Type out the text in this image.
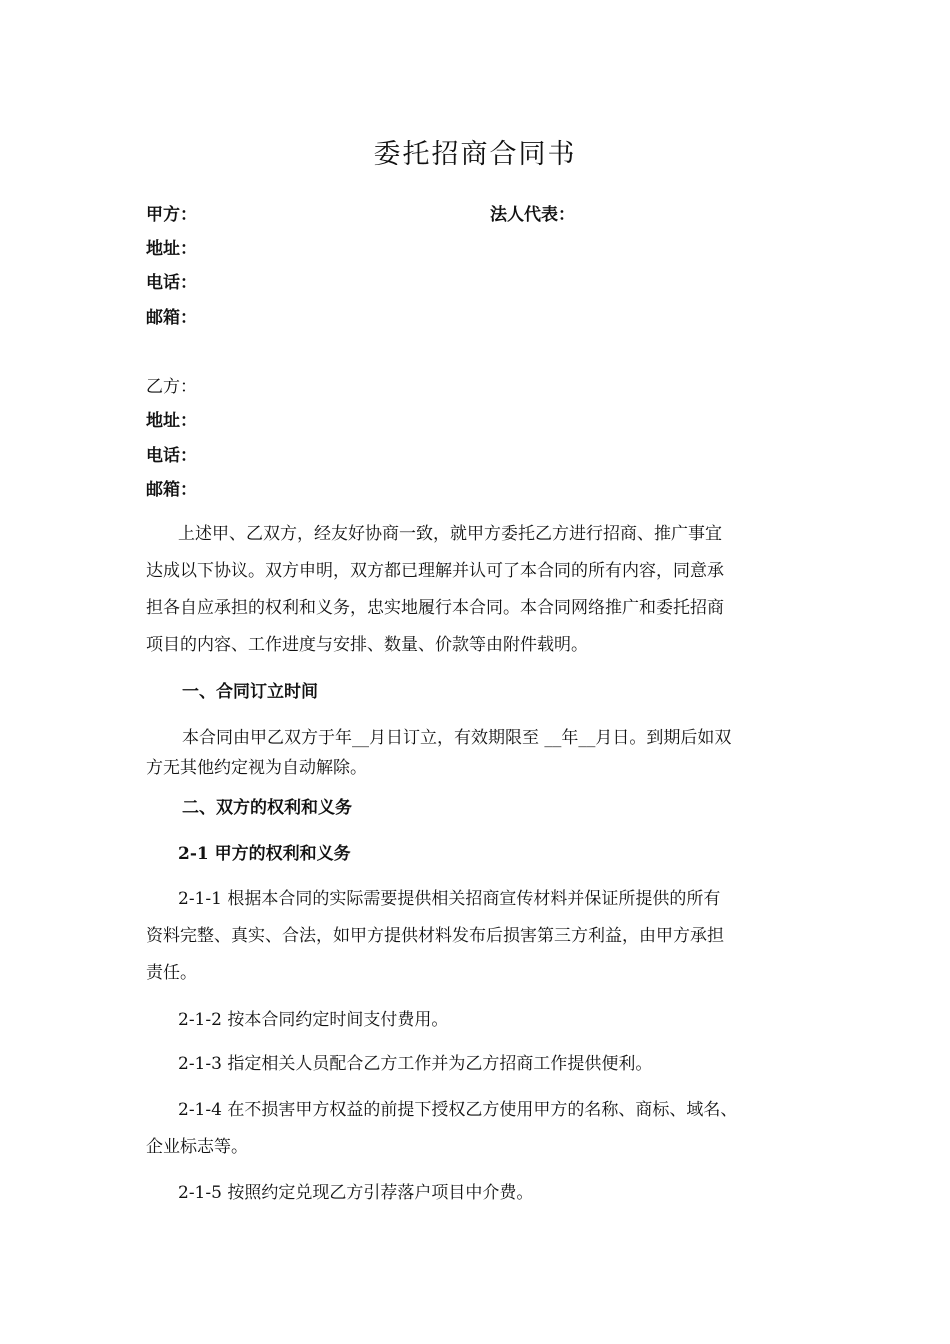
委托招商合同书
甲方：	法人代表：
地址：
电话：
邮箱：
乙方：
地址：
电话：
邮箱：
上述甲、乙双方，经友好协商一致，就甲方委托乙方进行招商、推广事宜
达成以下协议。双方申明，双方都已理解并认可了本合同的所有内容，同意承
担各自应承担的权利和义务，忠实地履行本合同。本合同网络推广和委托招商
项目的内容、工作进度与安排、数量、价款等由附件载明。
一、合同订立时间
本合同由甲乙双方于年__月日订立，有效期限至 __年__月日。到期后如双
方无其他约定视为自动解除。
二、双方的权利和义务
2-1 甲方的权利和义务
2-1-1 根据本合同的实际需要提供相关招商宣传材料并保证所提供的所有
资料完整、真实、合法，如甲方提供材料发布后损害第三方利益，由甲方承担
责任。
2-1-2 按本合同约定时间支付费用。
2-1-3 指定相关人员配合乙方工作并为乙方招商工作提供便利。
2-1-4 在不损害甲方权益的前提下授权乙方使用甲方的名称、商标、域名、
企业标志等。
2-1-5 按照约定兑现乙方引荐落户项目中介费。
